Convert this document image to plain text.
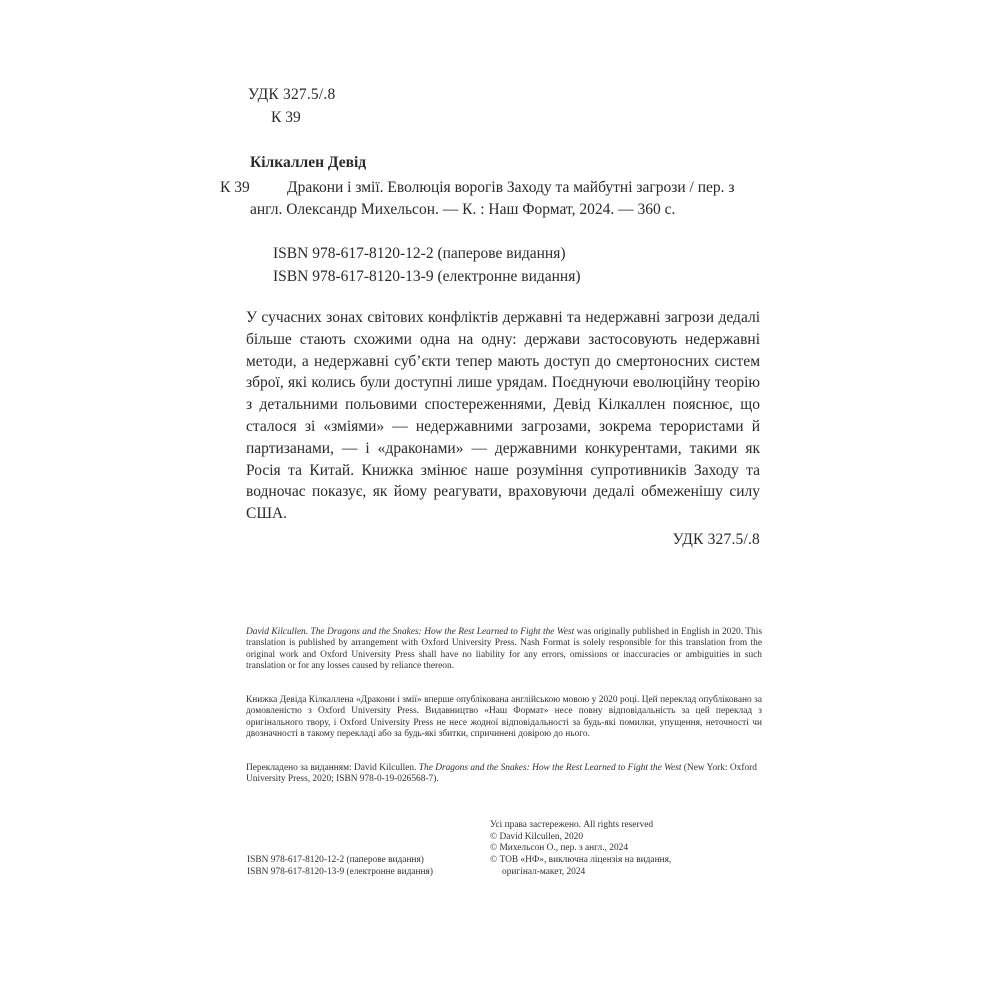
УДК 327.5/.8
К 39
Кілкаллен Девід
К 39	Дракони і змії. Еволюція ворогів Заходу та майбутні загрози / пер. з англ. Олександр Михельсон. — К. : Наш Формат, 2024. — 360 с.

ISBN 978-617-8120-12-2 (паперове видання)
ISBN 978-617-8120-13-9 (електронне видання)
У сучасних зонах світових конфліктів державні та недержавні загрози дедалі більше стають схожими одна на одну: держави застосовують недержавні методи, а недержавні суб’єкти тепер мають доступ до смертоносних систем зброї, які колись були доступні лише урядам. Поєднуючи еволюційну теорію з детальними польовими спостереженнями, Девід Кілкаллен пояснює, що сталося зі «зміями» — недержавними загрозами, зокрема терористами й партизанами, — і «драконами» — державними конкурентами, такими як Росія та Китай. Книжка змінює наше розуміння супротивників Заходу та водночас показує, як йому реагувати, враховуючи дедалі обмеженішу силу США.
УДК 327.5/.8
David Kilcullen. The Dragons and the Snakes: How the Rest Learned to Fight the West was originally published in English in 2020. This translation is published by arrangement with Oxford University Press. Nash Format is solely responsible for this translation from the original work and Oxford University Press shall have no liability for any errors, omissions or inaccuracies or ambiguities in such translation or for any losses caused by reliance thereon.
Книжка Девіда Кілкаллена «Дракони і змії» вперше опублікована англійською мовою у 2020 році. Цей переклад опубліковано за домовленістю з Oxford University Press. Видавництво «Наш Формат» несе повну відповідальність за цей переклад з оригінального твору, і Oxford University Press не несе жодної відповідальності за будь-які помилки, упущення, неточності чи двозначності в такому перекладі або за будь-які збитки, спричинені довірою до нього.
Перекладено за виданням: David Kilcullen. The Dragons and the Snakes: How the Rest Learned to Fight the West (New York: Oxford University Press, 2020; ISBN 978-0-19-026568-7).
Усі права застережено. All rights reserved
© David Kilcullen, 2020
© Михельсон О., пер. з англ., 2024
© ТОВ «НФ», виключна ліцензія на видання,
оригінал-макет, 2024
ISBN 978-617-8120-12-2 (паперове видання)
ISBN 978-617-8120-13-9 (електронне видання)
